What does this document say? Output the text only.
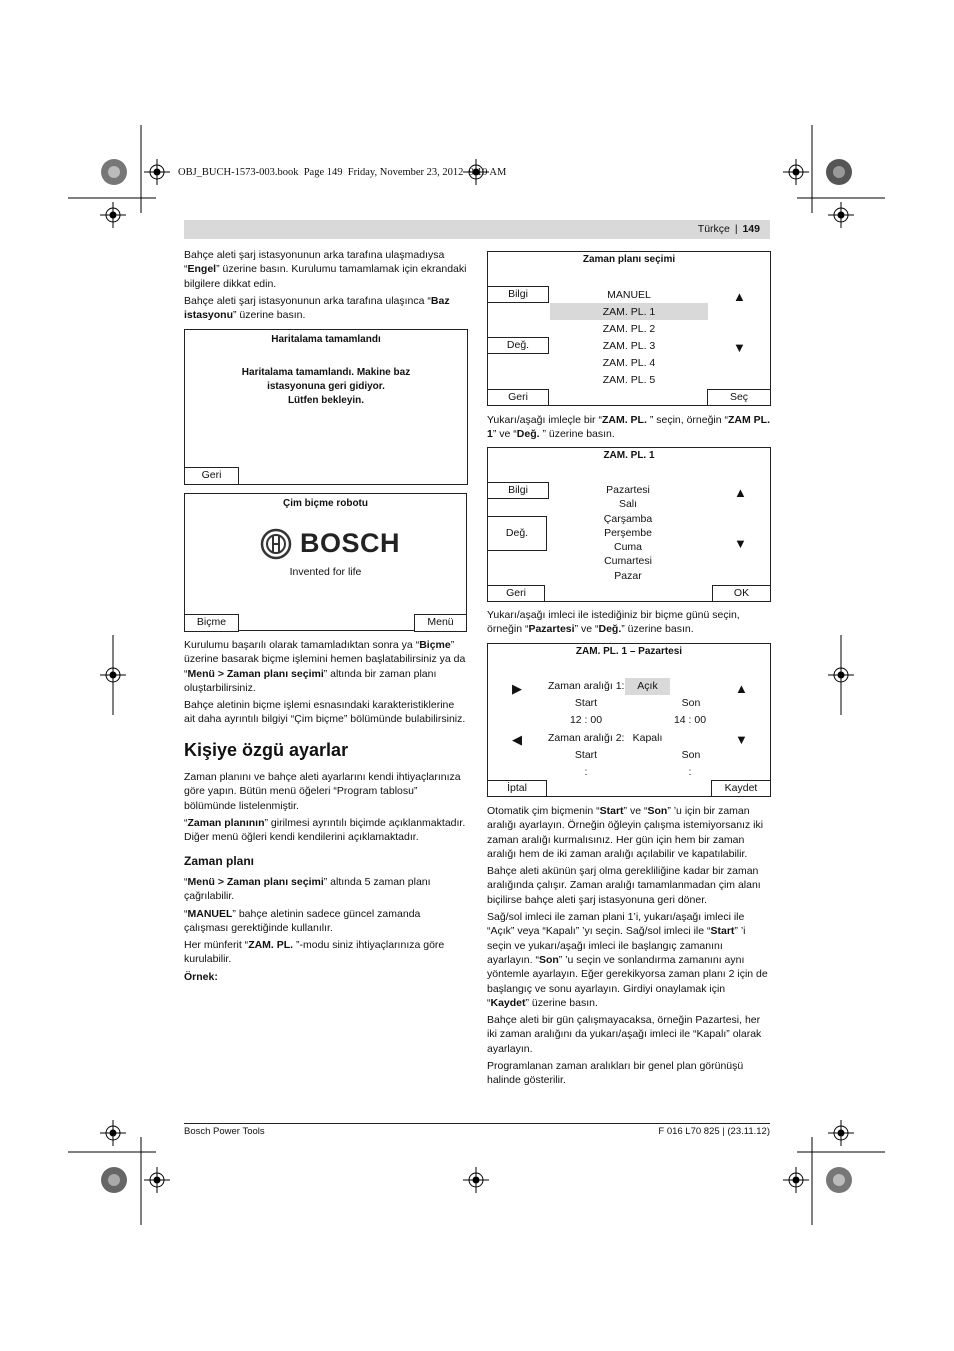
OBJ_BUCH-1573-003.book  Page 149  Friday, November 23, 2012  9:10 AM
Türkçe | 149

Bahçe aleti şarj istasyonunun arka tarafına ulaşmadıysa “Engel” üzerine basın. Kurulumu tamamlamak için ekrandaki bilgilere dikkat edin.

Bahçe aleti şarj istasyonunun arka tarafına ulaşınca “Baz istasyonu” üzerine basın.

Haritalama tamamlandı
Haritalama tamamlandı. Makine baz
istasyonuna geri gidiyor.
Lütfen bekleyin.
Geri
Çim biçme robotu
BOSCH
Invented for life
Biçme	Menü

Kurulumu başarılı olarak tamamladıktan sonra ya “Biçme” üzerine basarak biçme işlemini hemen başlatabilirsiniz ya da “Menü > Zaman planı seçimi” altında bir zaman planı oluştarbilirsiniz.

Bahçe aletinin biçme işlemi esnasındaki karakteristiklerine ait daha ayrıntılı bilgiyi “Çim biçme” bölümünde bulabilirsiniz.

Kişiye özgü ayarlar

Zaman planını ve bahçe aleti ayarlarını kendi ihtiyaçlarınıza göre yapın. Bütün menü öğeleri “Program tablosu” bölümünde listelenmiştir.

“Zaman planının” girilmesi ayrıntılı biçimde açıklanmaktadır. Diğer menü öğleri kendi kendilerini açıklamaktadır.

Zaman planı

“Menü > Zaman planı seçimi” altında 5 zaman planı çağrılabilir.

“MANUEL” bahçe aletinin sadece güncel zamanda çalışması gerektiğinde kullanılır.

Her münferit “ZAM. PL. ”-modu siniz ihtiyaçlarınıza göre kurulabilir.

Örnek:

Zaman planı seçimi
Bilgi
Değ.
MANUEL
ZAM. PL. 1
ZAM. PL. 2
ZAM. PL. 3
ZAM. PL. 4
ZAM. PL. 5
▲
▼
Geri	Seç

Yukarı/aşağı imleçle bir “ZAM. PL. ” seçin, örneğin “ZAM PL. 1” ve “Değ. ” üzerine basın.

ZAM. PL. 1
Bilgi
Değ.
Pazartesi
Salı
Çarşamba
Perşembe
Cuma
Cumartesi
Pazar
▲
▼
Geri	OK

Yukarı/aşağı imleci ile istediğiniz bir biçme günü seçin, örneğin “Pazartesi” ve “Değ.” üzerine basın.

ZAM. PL. 1 – Pazartesi
▶ Zaman aralığı 1:	Açık	▲
Start	Son
12 : 00	14 : 00
◀ Zaman aralığı 2: Kapalı	▼
Start	Son
:	:
İptal	Kaydet

Otomatik çim biçmenin “Start” ve “Son” ’u için bir zaman aralığı ayarlayın. Örneğin öğleyin çalışma istemiyorsanız iki zaman aralığı kurmalısınız. Her gün için hem bir zaman aralığı hem de iki zaman aralığı açılabilir ve kapatılabilir.

Bahçe aleti akünün şarj olma gerekliliğine kadar bir zaman aralığında çalışır. Zaman aralığı tamamlanmadan çim alanı biçilirse bahçe aleti şarj istasyonuna geri döner.

Sağ/sol imleci ile zaman plani 1’i, yukarı/aşağı imleci ile “Açık” veya “Kapalı” ’yı seçin. Sağ/sol imleci ile “Start” ’i seçin ve yukarı/aşağı imleci ile başlangıç zamanını ayarlayın. “Son” ’u seçin ve sonlandırma zamanını aynı yöntemle ayarlayın. Eğer gerekikyorsa zaman planı 2 için de başlangıç ve sonu ayarlayın. Girdiyi onaylamak için “Kaydet” üzerine basın.

Bahçe aleti bir gün çalışmayacaksa, örneğin Pazartesi, her iki zaman aralığını da yukarı/aşağı imleci ile “Kapalı” olarak ayarlayın.

Programlanan zaman aralıkları bir genel plan görünüşü halinde gösterilir.

Bosch Power Tools	F 016 L70 825 | (23.11.12)
